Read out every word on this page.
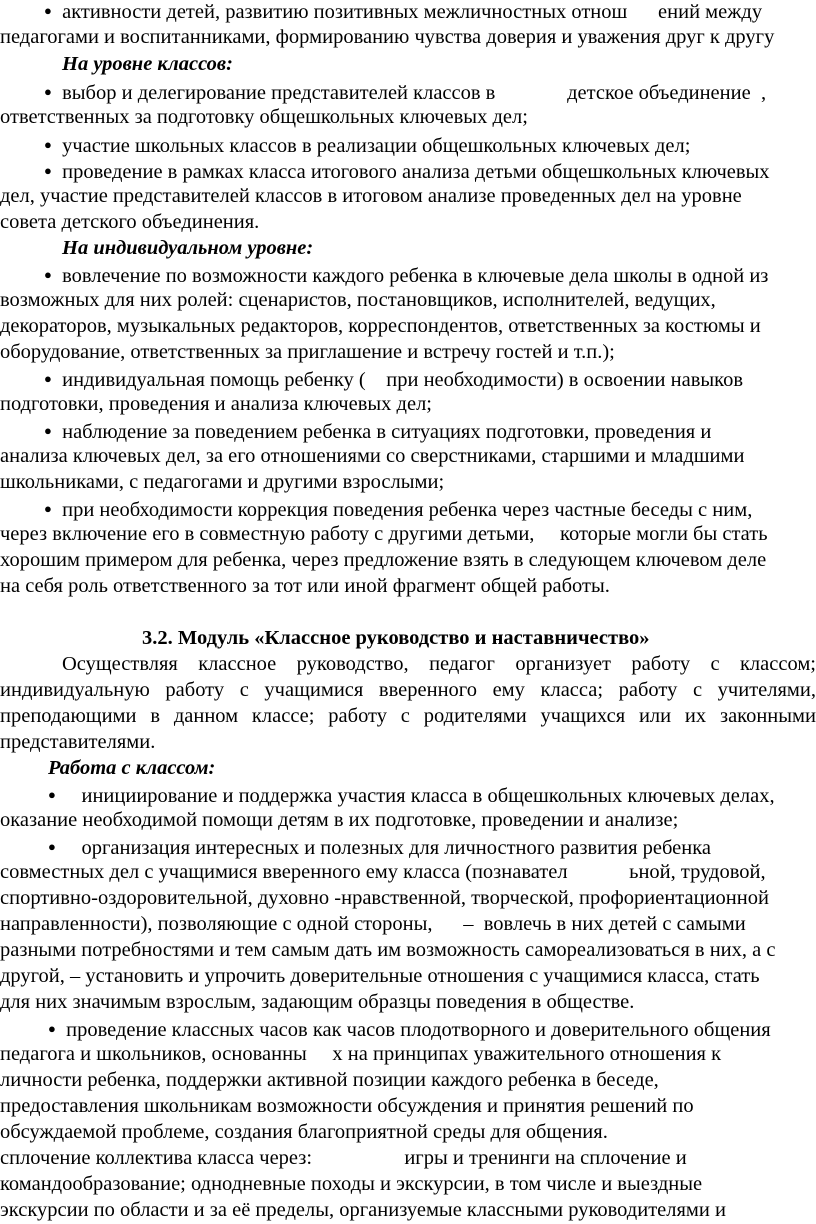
● активности детей, развитию позитивных межличностных отнош      ений между
педагогами и воспитанниками, формированию чувства доверия и уважения друг к другу
На уровне классов:
● выбор и делегирование представителей классов в              детское объединение  ,
ответственных за подготовку общешкольных ключевых дел;
● участие школьных классов в реализации общешкольных ключевых дел;
● проведение в рамках класса итогового анализа детьми общешкольных ключевых
дел, участие представителей классов в итоговом анализе проведенных дел на уровне
совета детского объединения.
На индивидуальном уровне:
● вовлечение по возможности каждого ребенка в ключевые дела школы в одной из
возможных для них ролей: сценаристов, постановщиков, исполнителей, ведущих,
декораторов, музыкальных редакторов, корреспондентов, ответственных за костюмы и
оборудование, ответственных за приглашение и встречу гостей и т.п.);
● индивидуальная помощь ребенку (    при необходимости) в освоении навыков
подготовки, проведения и анализа ключевых дел;
● наблюдение за поведением ребенка в ситуациях подготовки, проведения и
анализа ключевых дел, за его отношениями со сверстниками, старшими и младшими
школьниками, с педагогами и другими взрослыми;
● при необходимости коррекция поведения ребенка через частные беседы с ним,
через включение его в совместную работу с другими детьми,     которые могли бы стать
хорошим примером для ребенка, через предложение взять в следующем ключевом деле
на себя роль ответственного за тот или иной фрагмент общей работы.
3.2. Модуль «Классное руководство и наставничество»
Осуществляя классное руководство, педагог организует работу с классом;
индивидуальную работу с учащимися вверенного ему класса; работу с учителями,
преподающими в данном классе; работу с родителями учащихся или их законными
представителями.
Работа с классом:
● инициирование и поддержка участия класса в общешкольных ключевых делах,
оказание необходимой помощи детям в их подготовке, проведении и анализе;
● организация интересных и полезных для личностного развития ребенка
совместных дел с учащимися вверенного ему класса (познавател            ьной, трудовой,
спортивно-оздоровительной, духовно -нравственной, творческой, профориентационной
направленности), позволяющие с одной стороны,      –  вовлечь в них детей с самыми
разными потребностями и тем самым дать им возможность самореализоваться в них, а с
другой, – установить и упрочить доверительные отношения с учащимися класса, стать
для них значимым взрослым, задающим образцы поведения в обществе.
● проведение классных часов как часов плодотворного и доверительного общения
педагога и школьников, основанны     х на принципах уважительного отношения к
личности ребенка, поддержки активной позиции каждого ребенка в беседе,
предоставления школьникам возможности обсуждения и принятия решений по
обсуждаемой проблеме, создания благоприятной среды для общения.
сплочение коллектива класса через:                  игры и тренинги на сплочение и
командообразование; однодневные походы и экскурсии, в том числе и выездные
экскурсии по области и за её пределы, организуемые классными руководителями и
